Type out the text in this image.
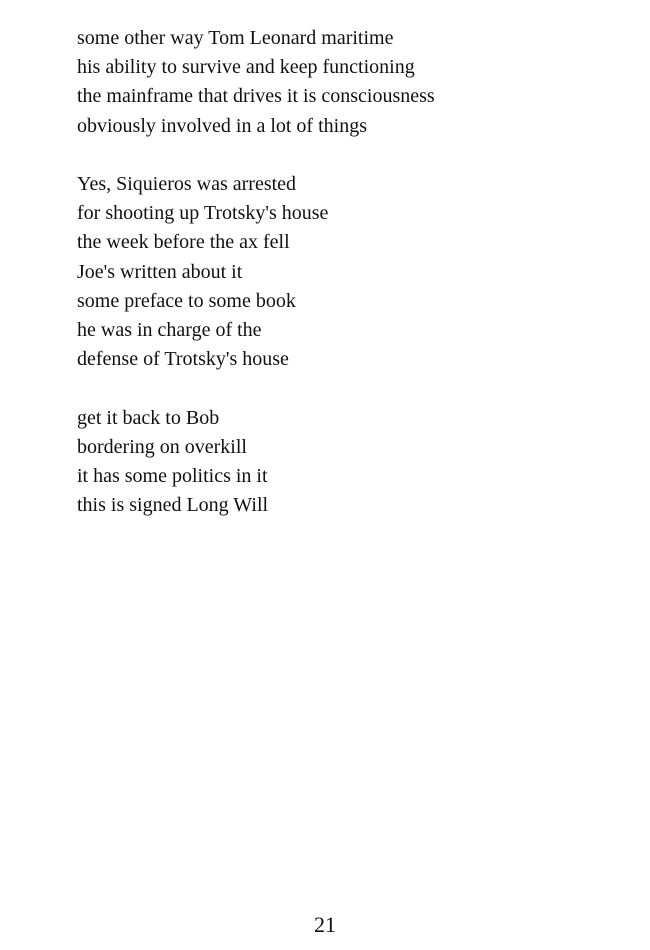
some other way Tom Leonard maritime
his ability to survive and keep functioning
the mainframe that drives it is consciousness
obviously involved in a lot of things
Yes, Siquieros was arrested
for shooting up Trotsky's house
the week before the ax fell
Joe's written about it
some preface to some book
he was in charge of the
defense of Trotsky's house
get it back to Bob
bordering on overkill
it has some politics in it
this is signed Long Will
21
